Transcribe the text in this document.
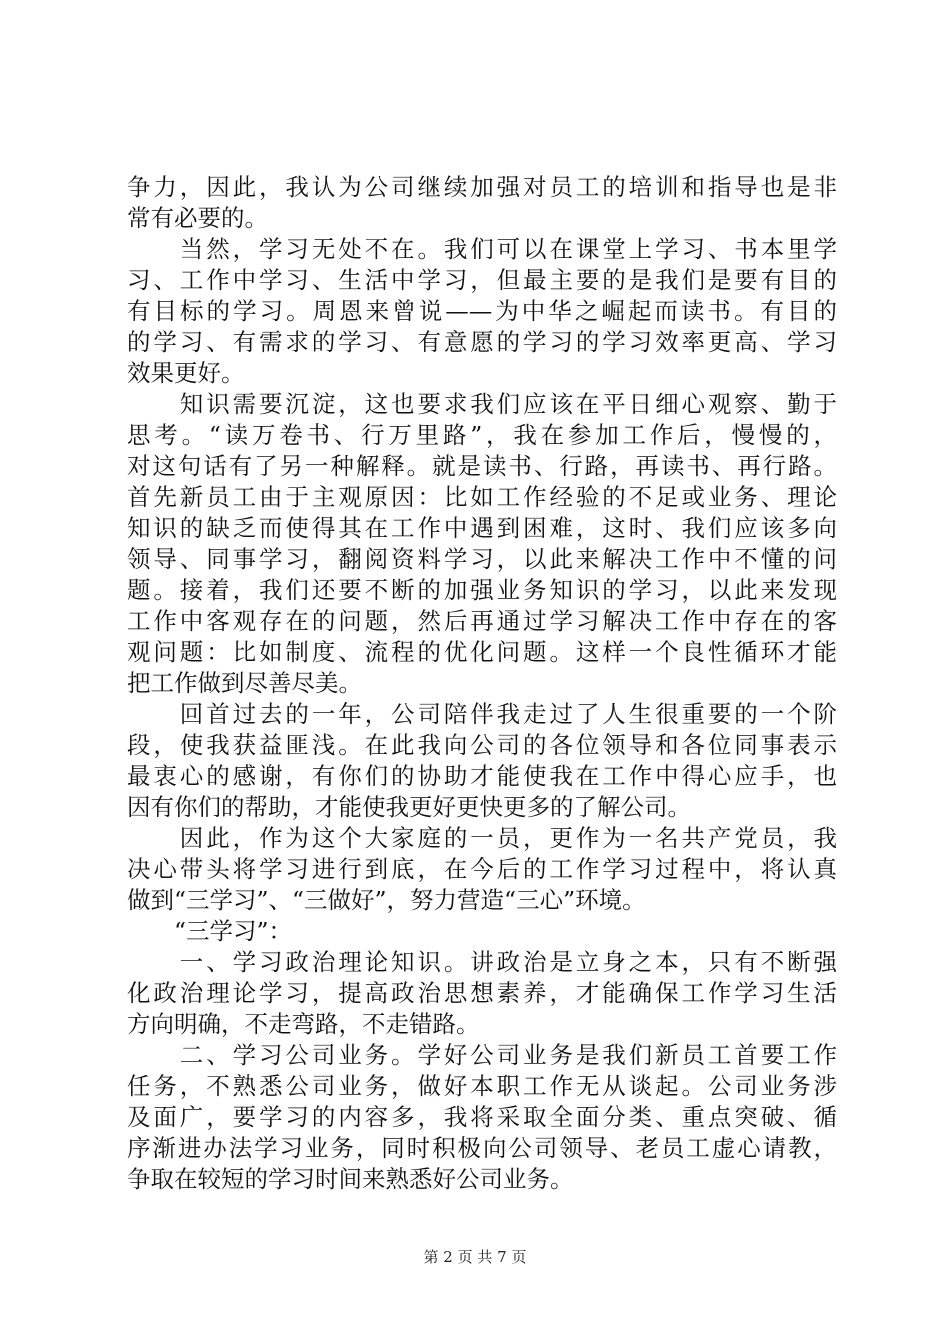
争力，因此，我认为公司继续加强对员工的培训和指导也是非
常有必要的。
　　当然，学习无处不在。我们可以在课堂上学习、书本里学
习、工作中学习、生活中学习，但最主要的是我们是要有目的
有目标的学习。周恩来曾说——为中华之崛起而读书。有目的
的学习、有需求的学习、有意愿的学习的学习效率更高、学习
效果更好。
　　知识需要沉淀，这也要求我们应该在平日细心观察、勤于
思考。“读万卷书、行万里路”，我在参加工作后，慢慢的，
对这句话有了另一种解释。就是读书、行路，再读书、再行路。
首先新员工由于主观原因：比如工作经验的不足或业务、理论
知识的缺乏而使得其在工作中遇到困难，这时、我们应该多向
领导、同事学习，翻阅资料学习，以此来解决工作中不懂的问
题。接着，我们还要不断的加强业务知识的学习，以此来发现
工作中客观存在的问题，然后再通过学习解决工作中存在的客
观问题：比如制度、流程的优化问题。这样一个良性循环才能
把工作做到尽善尽美。
　　回首过去的一年，公司陪伴我走过了人生很重要的一个阶
段，使我获益匪浅。在此我向公司的各位领导和各位同事表示
最衷心的感谢，有你们的协助才能使我在工作中得心应手，也
因有你们的帮助，才能使我更好更快更多的了解公司。
　　因此，作为这个大家庭的一员，更作为一名共产党员，我
决心带头将学习进行到底，在今后的工作学习过程中，将认真
做到“三学习”、“三做好”，努力营造“三心”环境。
　　“三学习”：
　　一、学习政治理论知识。讲政治是立身之本，只有不断强
化政治理论学习，提高政治思想素养，才能确保工作学习生活
方向明确，不走弯路，不走错路。
　　二、学习公司业务。学好公司业务是我们新员工首要工作
任务，不熟悉公司业务，做好本职工作无从谈起。公司业务涉
及面广，要学习的内容多，我将采取全面分类、重点突破、循
序渐进办法学习业务，同时积极向公司领导、老员工虚心请教，
争取在较短的学习时间来熟悉好公司业务。
第 2 页 共 7 页
